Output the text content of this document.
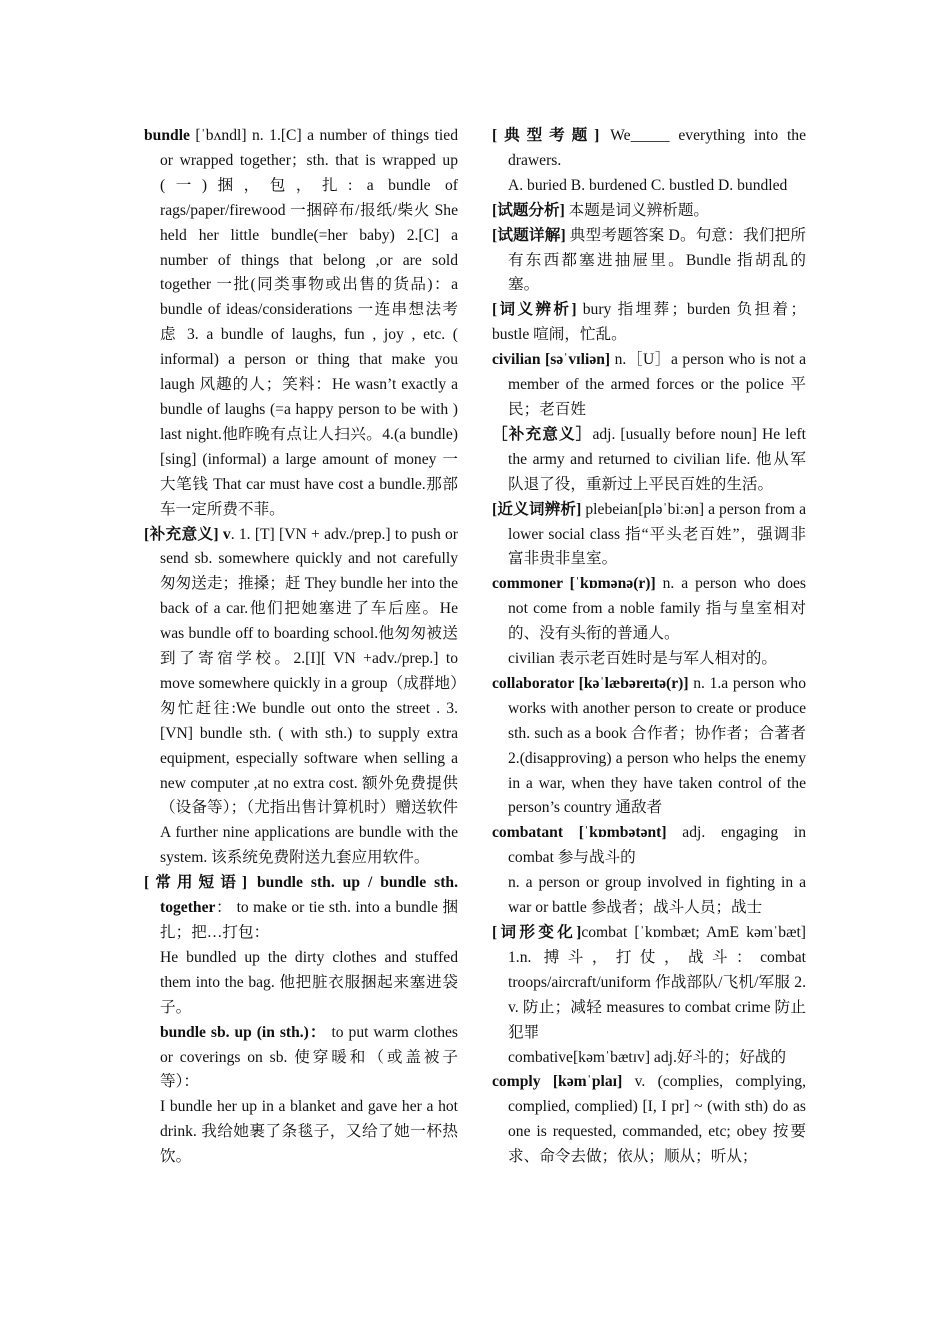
bundle [ˈbʌndl] n. 1.[C] a number of things tied or wrapped together；sth. that is wrapped up (一)捆，包，扎: a bundle of rags/paper/firewood 一捆碎布/报纸/柴火 She held her little bundle(=her baby) 2.[C] a number of things that belong ,or are sold together 一批(同类事物或出售的货品)：a bundle of ideas/considerations 一连串想法考虑 3. a bundle of laughs, fun , joy , etc. ( informal) a person or thing that make you laugh 风趣的人；笑料：He wasn’t exactly a bundle of laughs (=a happy person to be with ) last night.他昨晚有点让人扫兴。4.(a bundle) [sing] (informal) a large amount of money 一大笔钱 That car must have cost a bundle.那部车一定所费不菲。

[补充意义] v. 1. [T] [VN + adv./prep.] to push or send sb. somewhere quickly and not carefully 匆匆送走；推搡；赶 They bundle her into the back of a car.他们把她塞进了车后座。He was bundle off to boarding school.他匆匆被送到了寄宿学校。2.[I][ VN +adv./prep.] to move somewhere quickly in a group（成群地）匆忙赶往:We bundle out onto the street . 3.[VN] bundle sth. ( with sth.) to supply extra equipment, especially software when selling a new computer ,at no extra cost. 额外免费提供（设备等）；（尤指出售计算机时）赠送软件 A further nine applications are bundle with the system. 该系统免费附送九套应用软件。

[常用短语] bundle sth. up / bundle sth. together： to make or tie sth. into a bundle 捆扎；把…打包：

He bundled up the dirty clothes and stuffed them into the bag. 他把脏衣服捆起来塞进袋子。

bundle sb. up (in sth.)： to put warm clothes or coverings on sb. 使穿暖和（或盖被子等）：

I bundle her up in a blanket and gave her a hot drink. 我给她裹了条毯子，又给了她一杯热饮。

[典型考题] We_____ everything into the drawers.

A. buried B. burdened C. bustled D. bundled

[试题分析] 本题是词义辨析题。

[试题详解] 典型考题答案 D。句意：我们把所有东西都塞进抽屉里。Bundle 指胡乱的塞。

[词义辨析] bury 指埋葬；burden 负担着；bustle 喧闹，忙乱。

civilian [səˈvɪliən] n.［U］a person who is not a member of the armed forces or the police 平民；老百姓

［补充意义］adj. [usually before noun] He left the army and returned to civilian life. 他从军队退了役，重新过上平民百姓的生活。

[近义词辨析] plebeian[pləˈbiːən] a person from a lower social class 指“平头老百姓”，强调非富非贵非皇室。

commoner [ˈkɒmənə(r)] n. a person who does not come from a noble family 指与皇室相对的、没有头衔的普通人。

civilian 表示老百姓时是与军人相对的。

collaborator [kəˈlæbəreɪtə(r)] n. 1.a person who works with another person to create or produce sth. such as a book 合作者；协作者；合著者 2.(disapproving) a person who helps the enemy in a war, when they have taken control of the person’s country 通敌者

combatant [ˈkɒmbətənt] adj. engaging in combat 参与战斗的

n. a person or group involved in fighting in a war or battle 参战者；战斗人员；战士

[词形变化]combat [ˈkɒmbæt; AmE kəmˈbæt] 1.n. 搏斗，打仗，战斗：combat troops/aircraft/uniform 作战部队/飞机/军服 2. v. 防止；减轻 measures to combat crime 防止犯罪

combative[kəmˈbætɪv] adj.好斗的；好战的

comply [kəmˈplaɪ] v. (complies, complying, complied, complied) [I, I pr] ~ (with sth) do as one is requested, commanded, etc; obey 按要求、命令去做；依从；顺从；听从；
